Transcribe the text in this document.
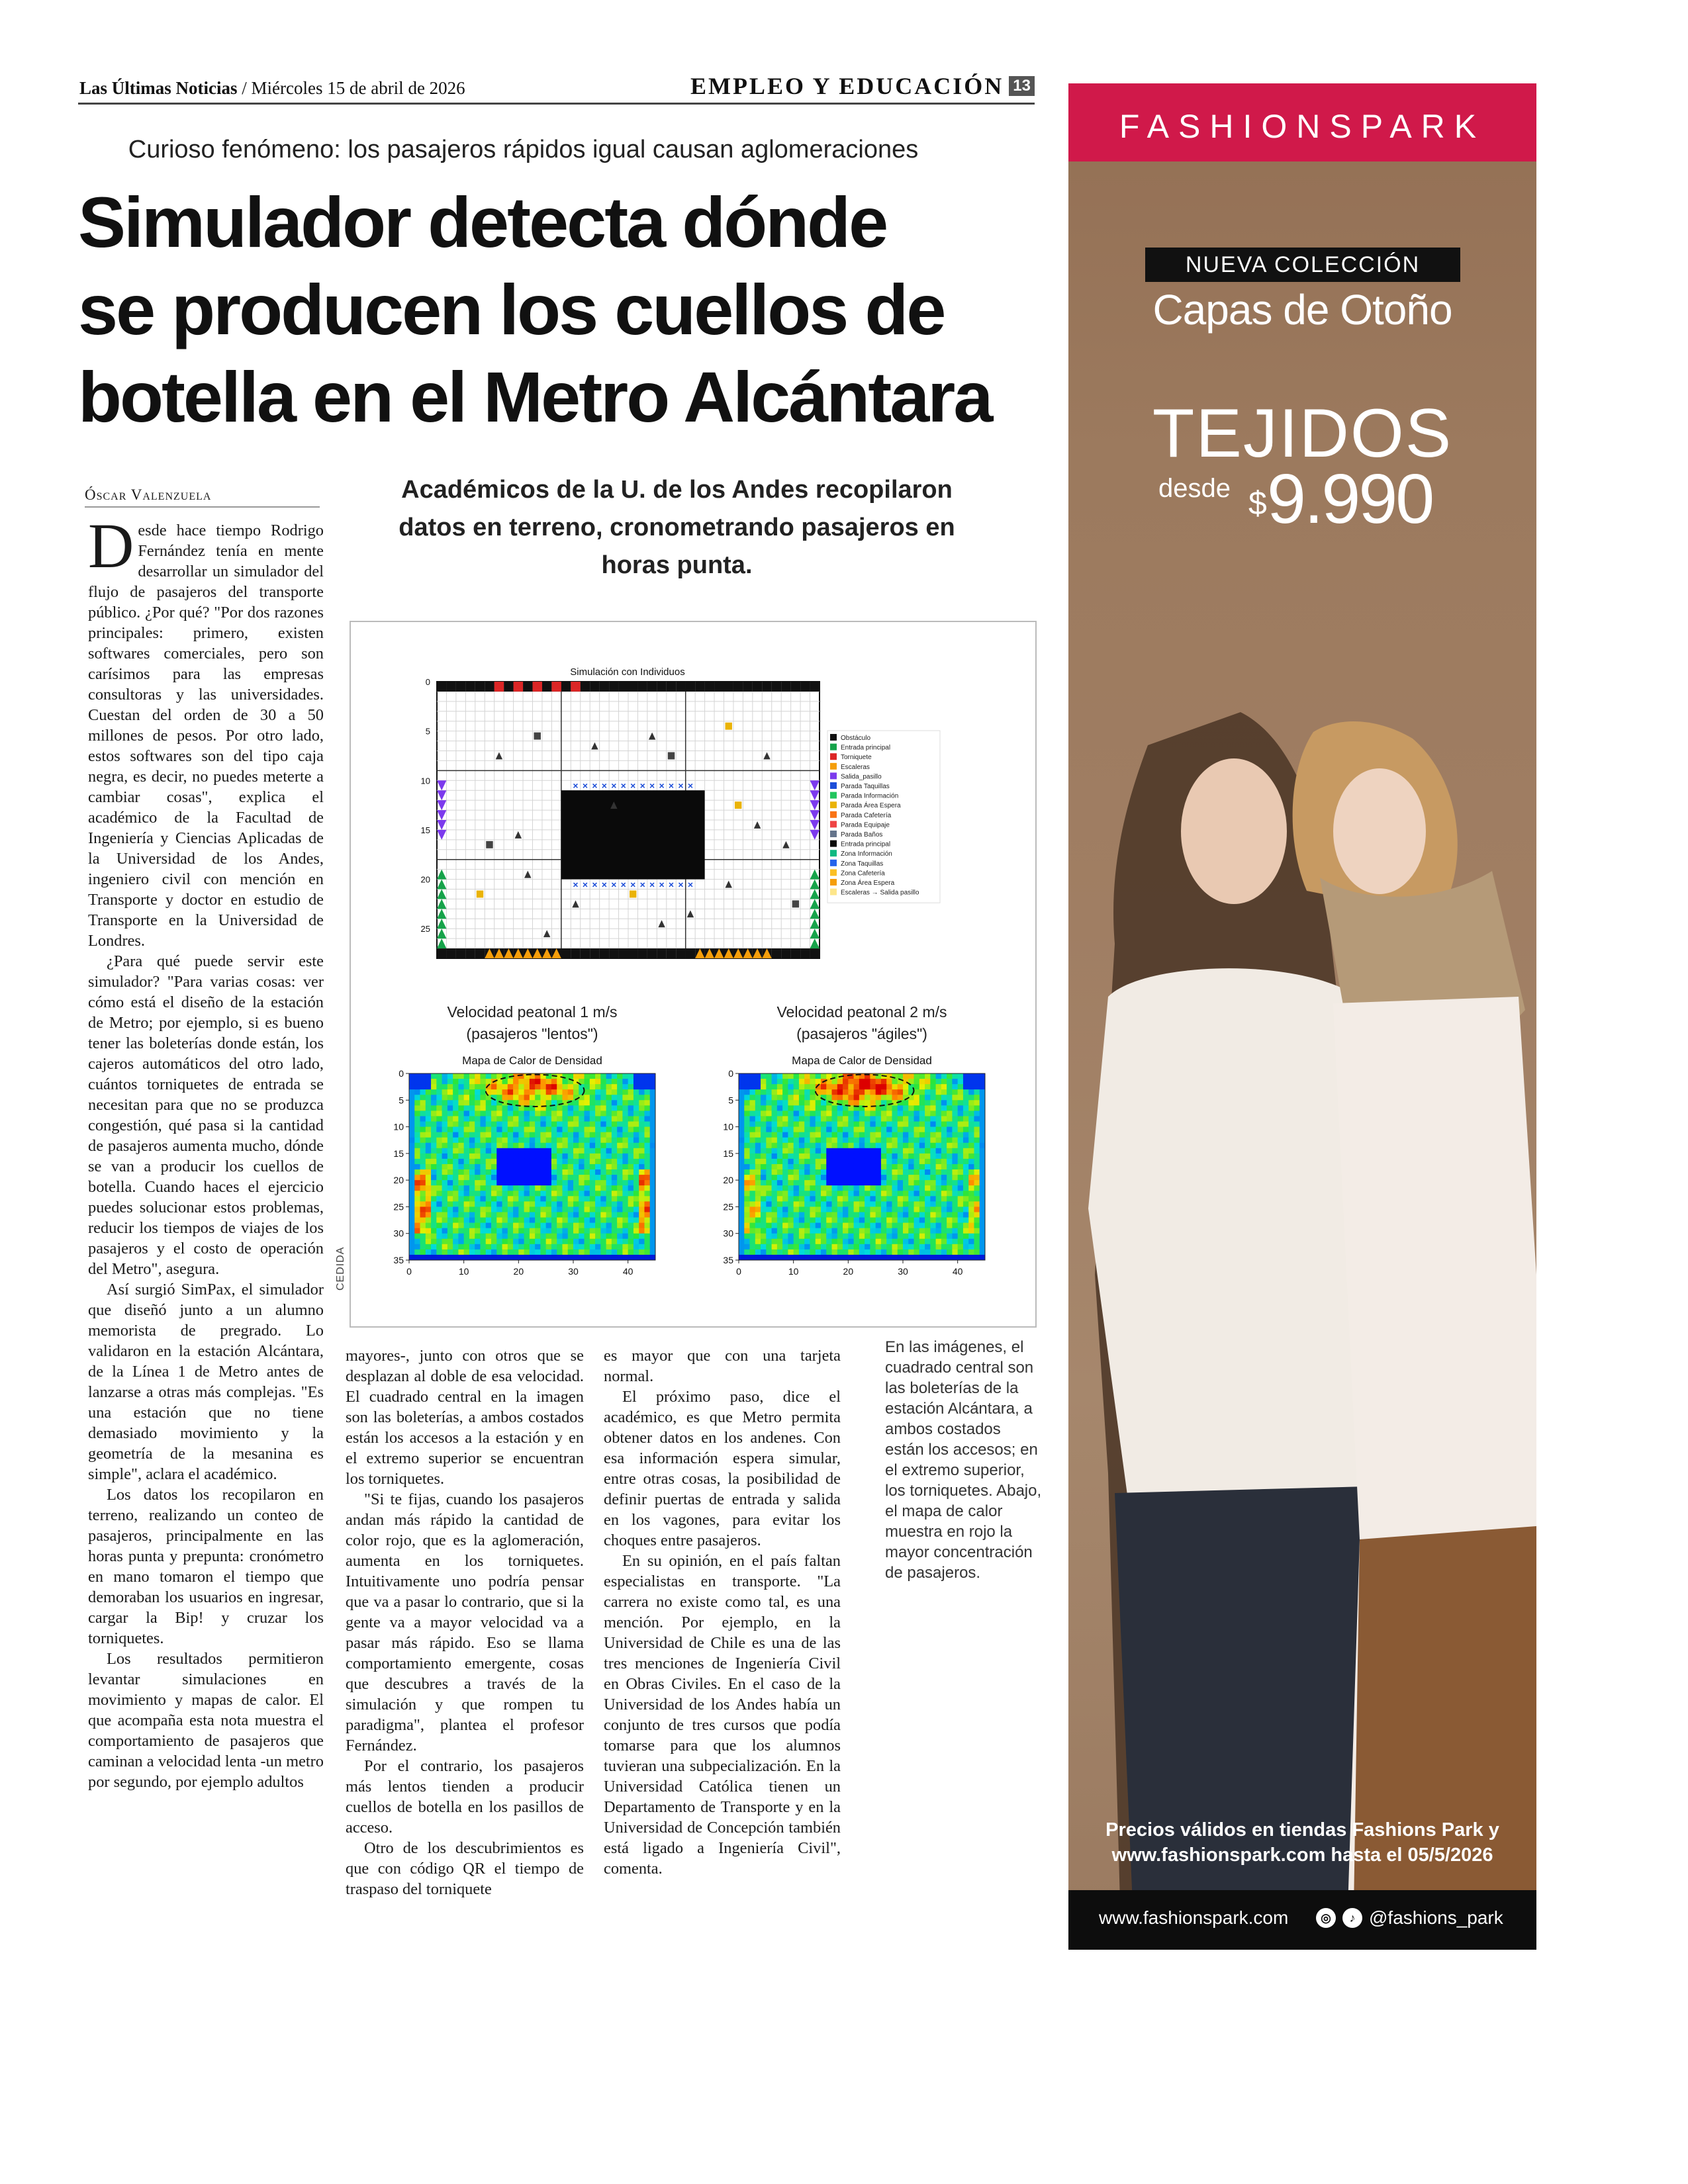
Las Últimas Noticias / Miércoles 15 de abril de 2026	EMPLEO Y EDUCACIÓN 13
Curioso fenómeno: los pasajeros rápidos igual causan aglomeraciones
Simulador detecta dónde
se producen los cuellos de
botella en el Metro Alcántara
Óscar Valenzuela	Académicos de la U. de los Andes recopilaron datos en terreno, cronometrando pasajeros en horas punta.

Desde hace tiempo Rodrigo Fernández tenía en mente desarrollar un simulador del flujo de pasajeros del transporte público. ¿Por qué? "Por dos razones principales: primero, existen softwares comerciales, pero son carísimos para las empresas consultoras y las universidades. Cuestan del orden de 30 a 50 millones de pesos. Por otro lado, estos softwares son del tipo caja negra, es decir, no puedes meterte a cambiar cosas", explica el académico de la Facultad de Ingeniería y Ciencias Aplicadas de la Universidad de los Andes, ingeniero civil con mención en Transporte y doctor en estudio de Transporte en la Universidad de Londres.

¿Para qué puede servir este simulador? "Para varias cosas: ver cómo está el diseño de la estación de Metro; por ejemplo, si es bueno tener las boleterías donde están, los cajeros automáticos del otro lado, cuántos torniquetes de entrada se necesitan para que no se produzca congestión, qué pasa si la cantidad de pasajeros aumenta mucho, dónde se van a producir los cuellos de botella. Cuando haces el ejercicio puedes solucionar estos problemas, reducir los tiempos de viajes de los pasajeros y el costo de operación del Metro", asegura.

Así surgió SimPax, el simulador que diseñó junto a un alumno memorista de pregrado. Lo validaron en la estación Alcántara, de la Línea 1 de Metro antes de lanzarse a otras más complejas. "Es una estación que no tiene demasiado movimiento y la geometría de la mesanina es simple", aclara el académico.

Los datos los recopilaron en terreno, realizando un conteo de pasajeros, principalmente en las horas punta y prepunta: cronómetro en mano tomaron el tiempo que demoraban los usuarios en ingresar, cargar la Bip! y cruzar los torniquetes.

Los resultados permitieron levantar simulaciones en movimiento y mapas de calor. El que acompaña esta nota muestra el comportamiento de pasajeros que caminan a velocidad lenta -un metro por segundo, por ejemplo adultos

mayores-, junto con otros que se desplazan al doble de esa velocidad. El cuadrado central en la imagen son las boleterías, a ambos costados están los accesos a la estación y en el extremo superior se encuentran los torniquetes.

"Si te fijas, cuando los pasajeros andan más rápido la cantidad de color rojo, que es la aglomeración, aumenta en los torniquetes. Intuitivamente uno podría pensar que va a pasar lo contrario, que si la gente va a mayor velocidad va a pasar más rápido. Eso se llama comportamiento emergente, cosas que descubres a través de la simulación y que rompen tu paradigma", plantea el profesor Fernández.

Por el contrario, los pasajeros más lentos tienden a producir cuellos de botella en los pasillos de acceso.

Otro de los descubrimientos es que con código QR el tiempo de traspaso del torniquete

es mayor que con una tarjeta normal.

El próximo paso, dice el académico, es que Metro permita obtener datos en los andenes. Con esa información espera simular, entre otras cosas, la posibilidad de definir puertas de entrada y salida en los vagones, para evitar los choques entre pasajeros.

En su opinión, en el país faltan especialistas en transporte. "La carrera no existe como tal, es una mención. Por ejemplo, en la Universidad de Chile es una de las tres menciones de Ingeniería Civil en Obras Civiles. En el caso de la Universidad de los Andes había un conjunto de tres cursos que podía tomarse para que los alumnos tuvieran una subpecialización. En la Universidad Católica tienen un Departamento de Transporte y en la Universidad de Concepción también está ligado a Ingeniería Civil", comenta.

En las imágenes, el cuadrado central son las boleterías de la estación Alcántara, a ambos costados están los accesos; en el extremo superior, los torniquetes. Abajo, el mapa de calor muestra en rojo la mayor concentración de pasajeros.
CEDIDA
Simulación con Individuos
×
×
×
×
×
×
×
×
×
×
×
×
×
×
×
×
×
×
×
×
×
×
×
×
×
×
0
5
10
15
20
25
Obstáculo
Entrada principal
Torniquete
Escaleras
Salida_pasillo
Parada Taquillas
Parada Información
Parada Área Espera
Parada Cafetería
Parada Equipaje
Parada Baños
Entrada principal
Zona Información
Zona Taquillas
Zona Cafetería
Zona Área Espera
Escaleras → Salida pasillo
Velocidad peatonal 1 m/s
(pasajeros "lentos")
Mapa de Calor de Densidad
0	10	20	30	40
0
5
10
15
20
25
30
35
Velocidad peatonal 2 m/s
(pasajeros "ágiles")
Mapa de Calor de Densidad
0	10	20	30	40
0
5
10
15
20
25
30
35
FASHIONSPARK
NUEVA COLECCIÓN
Capas de Otoño
TEJIDOS
desde $ 9.990
Precios válidos en tiendas Fashions Park y
www.fashionspark.com hasta el 05/5/2026
www.fashionspark.com	◎	♪ @fashions_park
